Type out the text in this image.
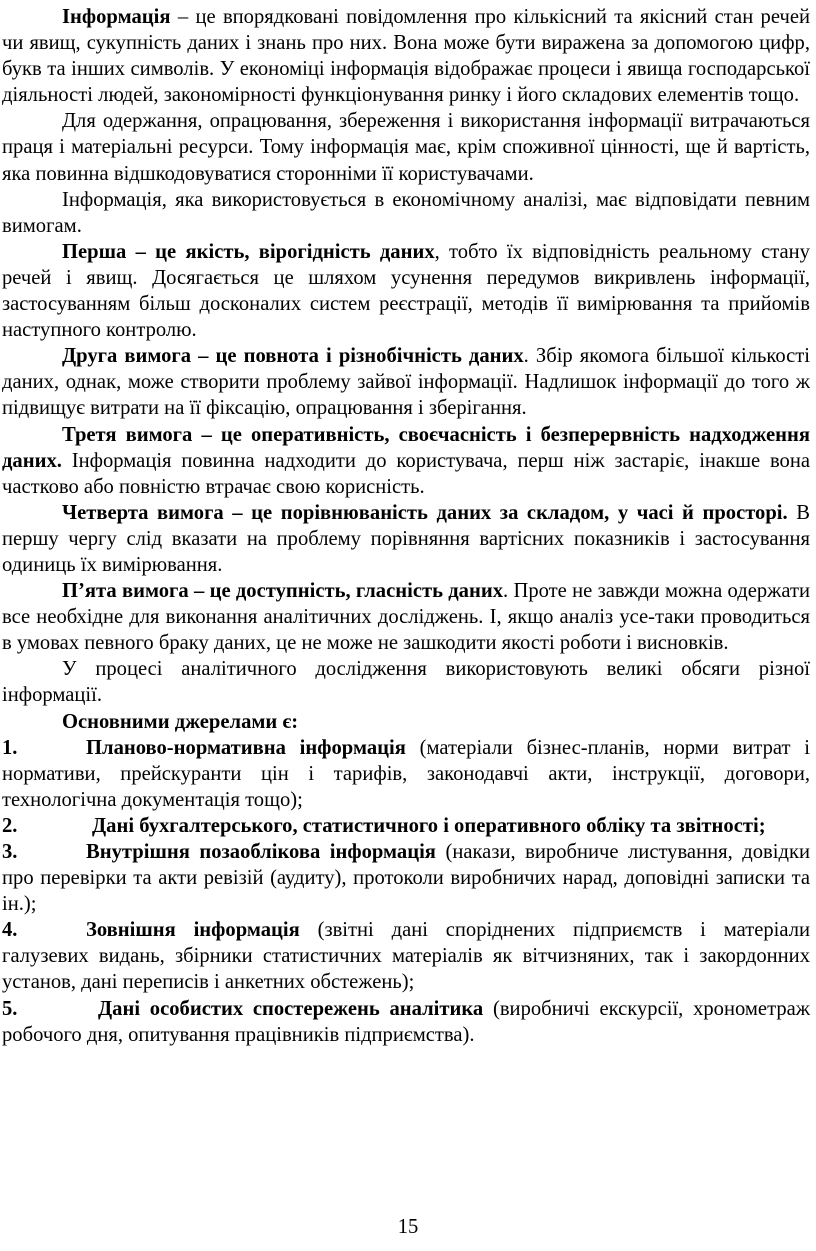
Інформація – це впорядковані повідомлення про кількісний та якісний стан речей чи явищ, сукупність даних і знань про них. Вона може бути виражена за допомогою цифр, букв та інших символів. У економіці інформація відображає процеси і явища господарської діяльності людей, закономірності функціонування ринку і його складових елементів тощо.

Для одержання, опрацювання, збереження і використання інформації витрачаються праця і матеріальні ресурси. Тому інформація має, крім споживної цінності, ще й вартість, яка повинна відшкодовуватися сторонніми її користувачами.

Інформація, яка використовується в економічному аналізі, має відповідати певним вимогам.

Перша – це якість, вірогідність даних, тобто їх відповідність реальному стану речей і явищ. Досягається це шляхом усунення передумов викривлень інформації, застосуванням більш досконалих систем реєстрації, методів її вимірювання та прийомів наступного контролю.

Друга вимога – це повнота і різнобічність даних. Збір якомога більшої кількості даних, однак, може створити проблему зайвої інформації. Надлишок інформації до того ж підвищує витрати на її фіксацію, опрацювання і зберігання.

Третя вимога – це оперативність, своєчасність і безперервність надходження даних. Інформація повинна надходити до користувача, перш ніж застаріє, інакше вона частково або повністю втрачає свою корисність.

Четверта вимога – це порівнюваність даних за складом, у часі й просторі. В першу чергу слід вказати на проблему порівняння вартісних показників і застосування одиниць їх вимірювання.

П’ята вимога – це доступність, гласність даних. Проте не завжди можна одержати все необхідне для виконання аналітичних досліджень. І, якщо аналіз усе-таки проводиться в умовах певного браку даних, це не може не зашкодити якості роботи і висновків.

У процесі аналітичного дослідження використовують великі обсяги різної інформації.

Основними джерелами є:

1.	Планово-нормативна інформація (матеріали бізнес-планів, норми витрат і нормативи, прейскуранти цін і тарифів, законодавчі акти, інструкції, договори, технологічна документація тощо);

2.	Дані бухгалтерського, статистичного і оперативного обліку та звітності;

3.	Внутрішня позаоблікова інформація (накази, виробниче листування, довідки про перевірки та акти ревізій (аудиту), протоколи виробничих нарад, доповідні записки та ін.);

4.	Зовнішня інформація (звітні дані споріднених підприємств і матеріали галузевих видань, збірники статистичних матеріалів як вітчизняних, так і закордонних установ, дані переписів і анкетних обстежень);

5.	Дані особистих спостережень аналітика (виробничі екскурсії, хронометраж робочого дня, опитування працівників підприємства).

15
